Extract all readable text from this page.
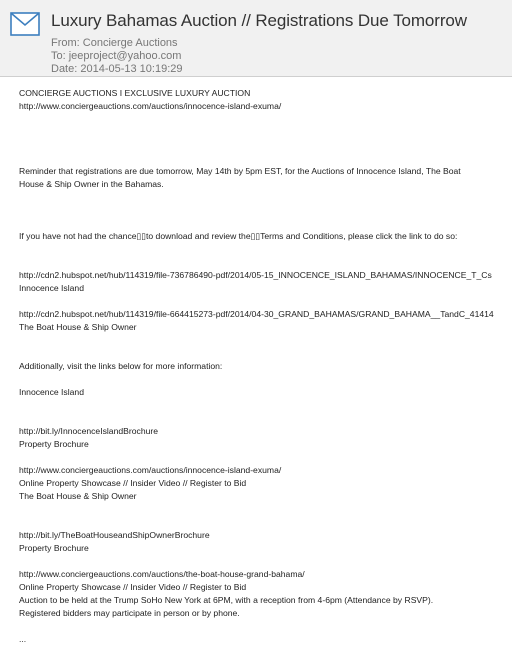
Luxury Bahamas Auction // Registrations Due Tomorrow
From: Concierge Auctions
To: jeeproject@yahoo.com
Date: 2014-05-13 10:19:29
CONCIERGE AUCTIONS I EXCLUSIVE LUXURY AUCTION
http://www.conciergeauctions.com/auctions/innocence-island-exuma/
Reminder that registrations are due tomorrow, May 14th by 5pm EST, for the Auctions of Innocence Island, The Boat
House & Ship Owner in the Bahamas.
If you have not had the chance▯▯to download and review the▯▯Terms and Conditions, please click the link to do so:
http://cdn2.hubspot.net/hub/114319/file-736786490-pdf/2014/05-15_INNOCENCE_ISLAND_BAHAMAS/INNOCENCE_T_Cs
Innocence Island
http://cdn2.hubspot.net/hub/114319/file-664415273-pdf/2014/04-30_GRAND_BAHAMAS/GRAND_BAHAMA__TandC_41414
The Boat House & Ship Owner
Additionally, visit the links below for more information:
Innocence Island
http://bit.ly/InnocenceIslandBrochure
Property Brochure
http://www.conciergeauctions.com/auctions/innocence-island-exuma/
Online Property Showcase // Insider Video // Register to Bid
The Boat House & Ship Owner
http://bit.ly/TheBoatHouseandShipOwnerBrochure
Property Brochure
http://www.conciergeauctions.com/auctions/the-boat-house-grand-bahama/
Online Property Showcase // Insider Video // Register to Bid
Auction to be held at the Trump SoHo New York at 6PM, with a reception from 4-6pm (Attendance by RSVP).
Registered bidders may participate in person or by phone.
...
